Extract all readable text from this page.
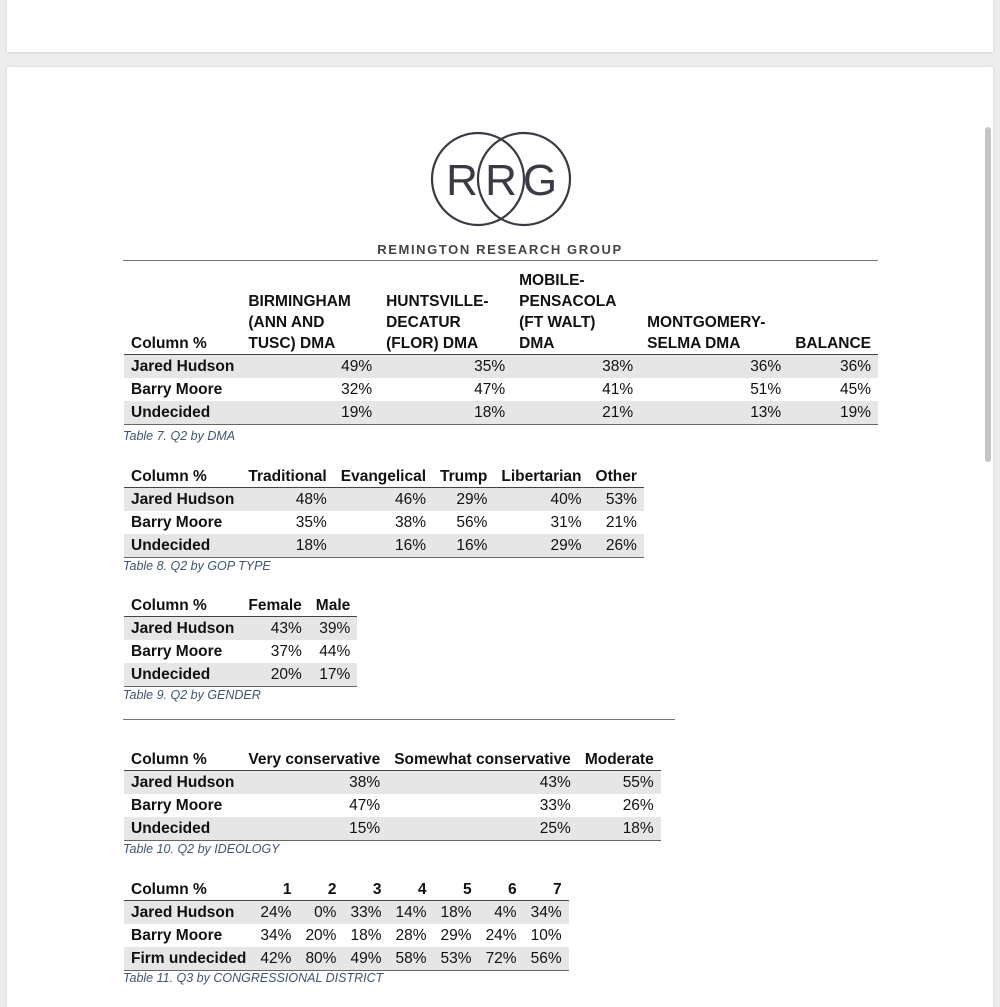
R R G
REMINGTON RESEARCH GROUP
Column %	BIRMINGHAM (ANN AND TUSC) DMA	HUNTSVILLE-DECATUR (FLOR) DMA	MOBILE-PENSACOLA (FT WALT) DMA	MONTGOMERY-SELMA DMA	BALANCE
Jared Hudson	49%	35%	38%	36%	36%
Barry Moore	32%	47%	41%	51%	45%
Undecided	19%	18%	21%	13%	19%
Table 7. Q2 by DMA
Column %	Traditional	Evangelical	Trump	Libertarian	Other
Jared Hudson	48%	46%	29%	40%	53%
Barry Moore	35%	38%	56%	31%	21%
Undecided	18%	16%	16%	29%	26%
Table 8. Q2 by GOP TYPE
Column %	Female	Male
Jared Hudson	43%	39%
Barry Moore	37%	44%
Undecided	20%	17%
Table 9. Q2 by GENDER
Column %	Very conservative	Somewhat conservative	Moderate
Jared Hudson	38%	43%	55%
Barry Moore	47%	33%	26%
Undecided	15%	25%	18%
Table 10. Q2 by IDEOLOGY
Column %	1	2	3	4	5	6	7
Jared Hudson	24%	0%	33%	14%	18%	4%	34%
Barry Moore	34%	20%	18%	28%	29%	24%	10%
Firm undecided	42%	80%	49%	58%	53%	72%	56%
Table 11. Q3 by CONGRESSIONAL DISTRICT
